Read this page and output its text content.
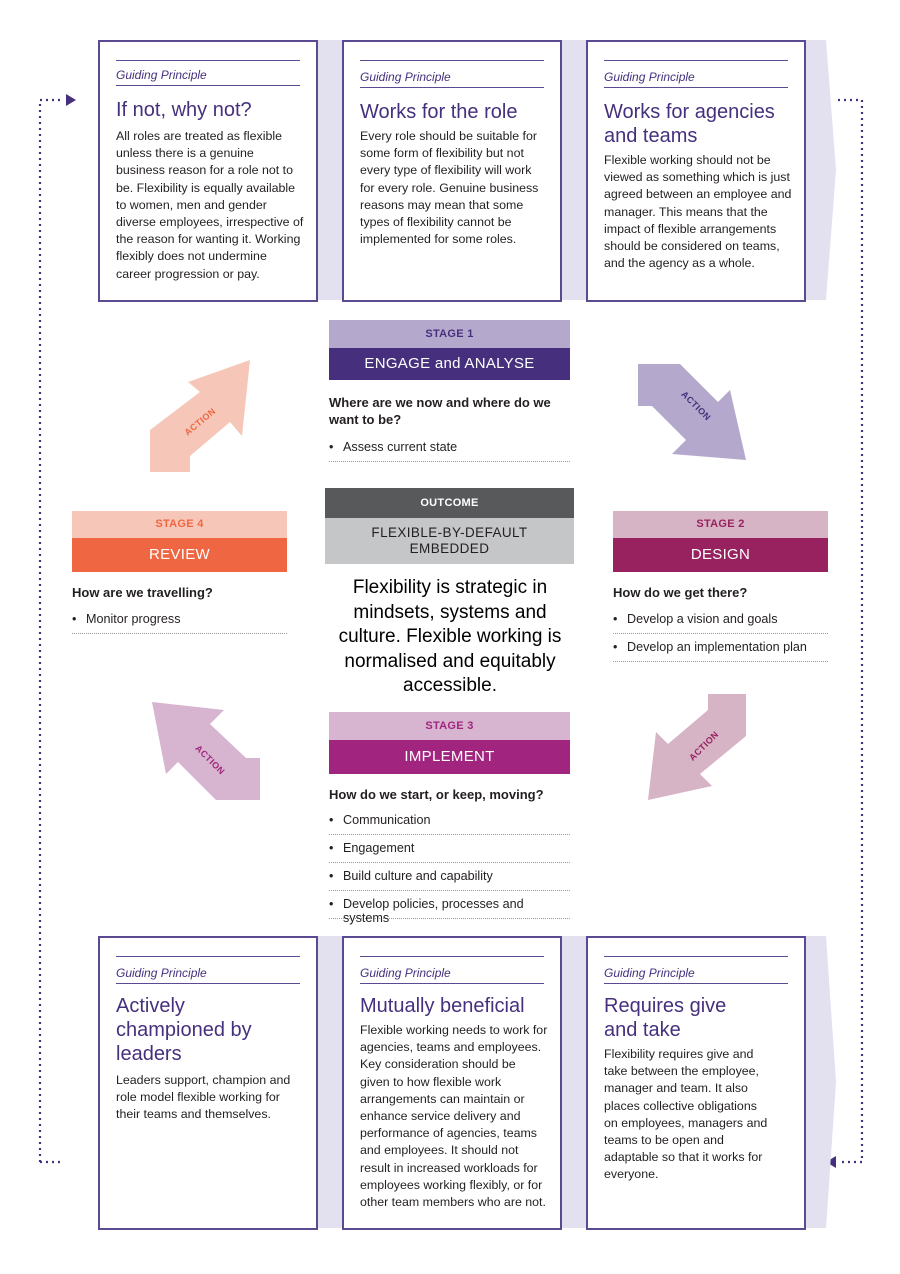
Guiding Principle
If not, why not?
All roles are treated as flexible unless there is a genuine business reason for a role not to be. Flexibility is equally available to women, men and gender diverse employees, irrespective of the reason for wanting it. Working flexibly does not undermine career progression or pay.
Guiding Principle
Works for the role
Every role should be suitable for some form of flexibility but not every type of flexibility will work for every role. Genuine business reasons may mean that some types of flexibility cannot be implemented for some roles.
Guiding Principle
Works for agencies and teams
Flexible working should not be viewed as something which is just agreed between an employee and manager. This means that the impact of flexible arrangements should be considered on teams, and the agency as a whole.
STAGE 1
ENGAGE and ANALYSE
Where are we now and where do we want to be?
• Assess current state
OUTCOME
FLEXIBLE-BY-DEFAULT EMBEDDED
Flexibility is strategic in mindsets, systems and culture. Flexible working is normalised and equitably accessible.
STAGE 4
REVIEW
How are we travelling?
• Monitor progress
STAGE 2
DESIGN
How do we get there?
• Develop a vision and goals
• Develop an implementation plan
STAGE 3
IMPLEMENT
How do we start, or keep, moving?
• Communication
• Engagement
• Build culture and capability
• Develop policies, processes and systems
ACTION	ACTION
ACTION
ACTION
Guiding Principle
Actively championed by leaders
Leaders support, champion and role model flexible working for their teams and themselves.
Guiding Principle
Mutually beneficial
Flexible working needs to work for agencies, teams and employees. Key consideration should be given to how flexible work arrangements can maintain or enhance service delivery and performance of agencies, teams and employees. It should not result in increased workloads for employees working flexibly, or for other team members who are not.
Guiding Principle
Requires give and take
Flexibility requires give and take between the employee, manager and team. It also places collective obligations on employees, managers and teams to be open and adaptable so that it works for everyone.
